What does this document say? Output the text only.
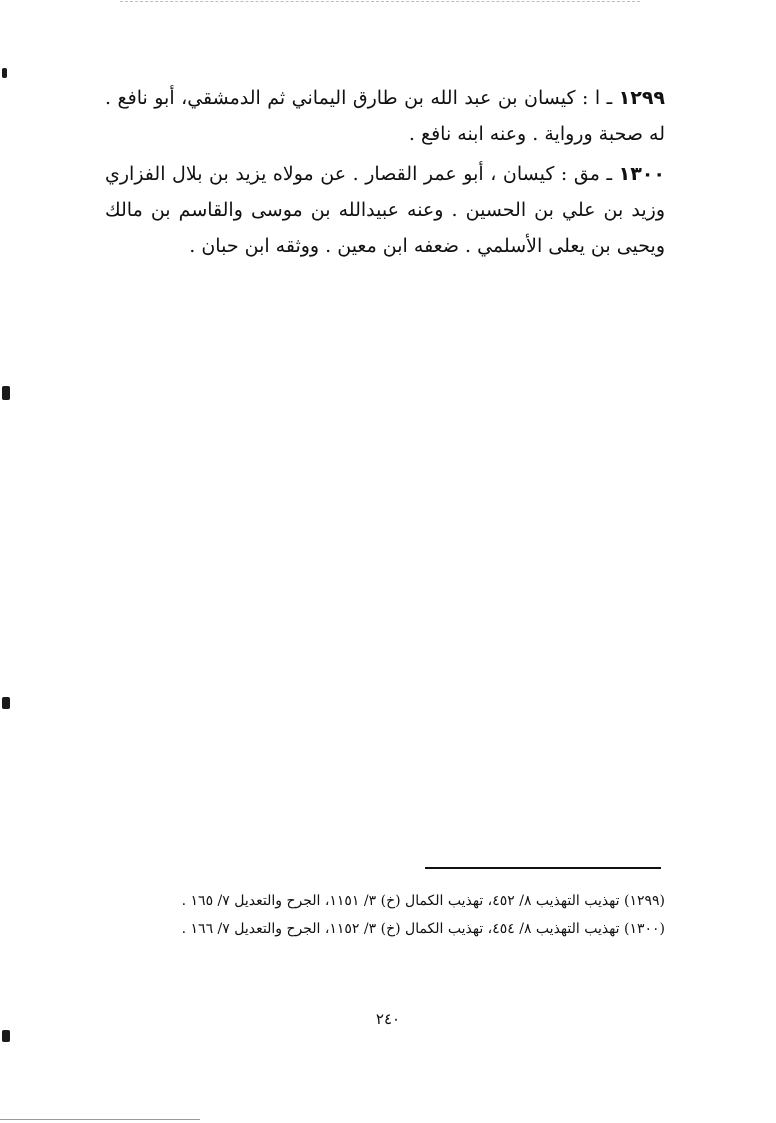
١٢٩٩ ـ ا : كيسان بن عبد الله بن طارق اليماني ثم الدمشقي، أبو نافع . له صحبة ورواية . وعنه ابنه نافع .

١٣٠٠ ـ مق : كيسان ، أبو عمر القصار . عن مولاه يزيد بن بلال الفزاري وزيد بن علي بن الحسين . وعنه عبيدالله بن موسى والقاسم بن مالك ويحيى بن يعلى الأسلمي . ضعفه ابن معين . ووثقه ابن حبان .

(١٢٩٩) تهذيب التهذيب ٨/ ٤٥٢، تهذيب الكمال (خ) ٣/ ١١٥١، الجرح والتعديل ٧/ ١٦٥ .

(١٣٠٠) تهذيب التهذيب ٨/ ٤٥٤، تهذيب الكمال (خ) ٣/ ١١٥٢، الجرح والتعديل ٧/ ١٦٦ .

٢٤٠
